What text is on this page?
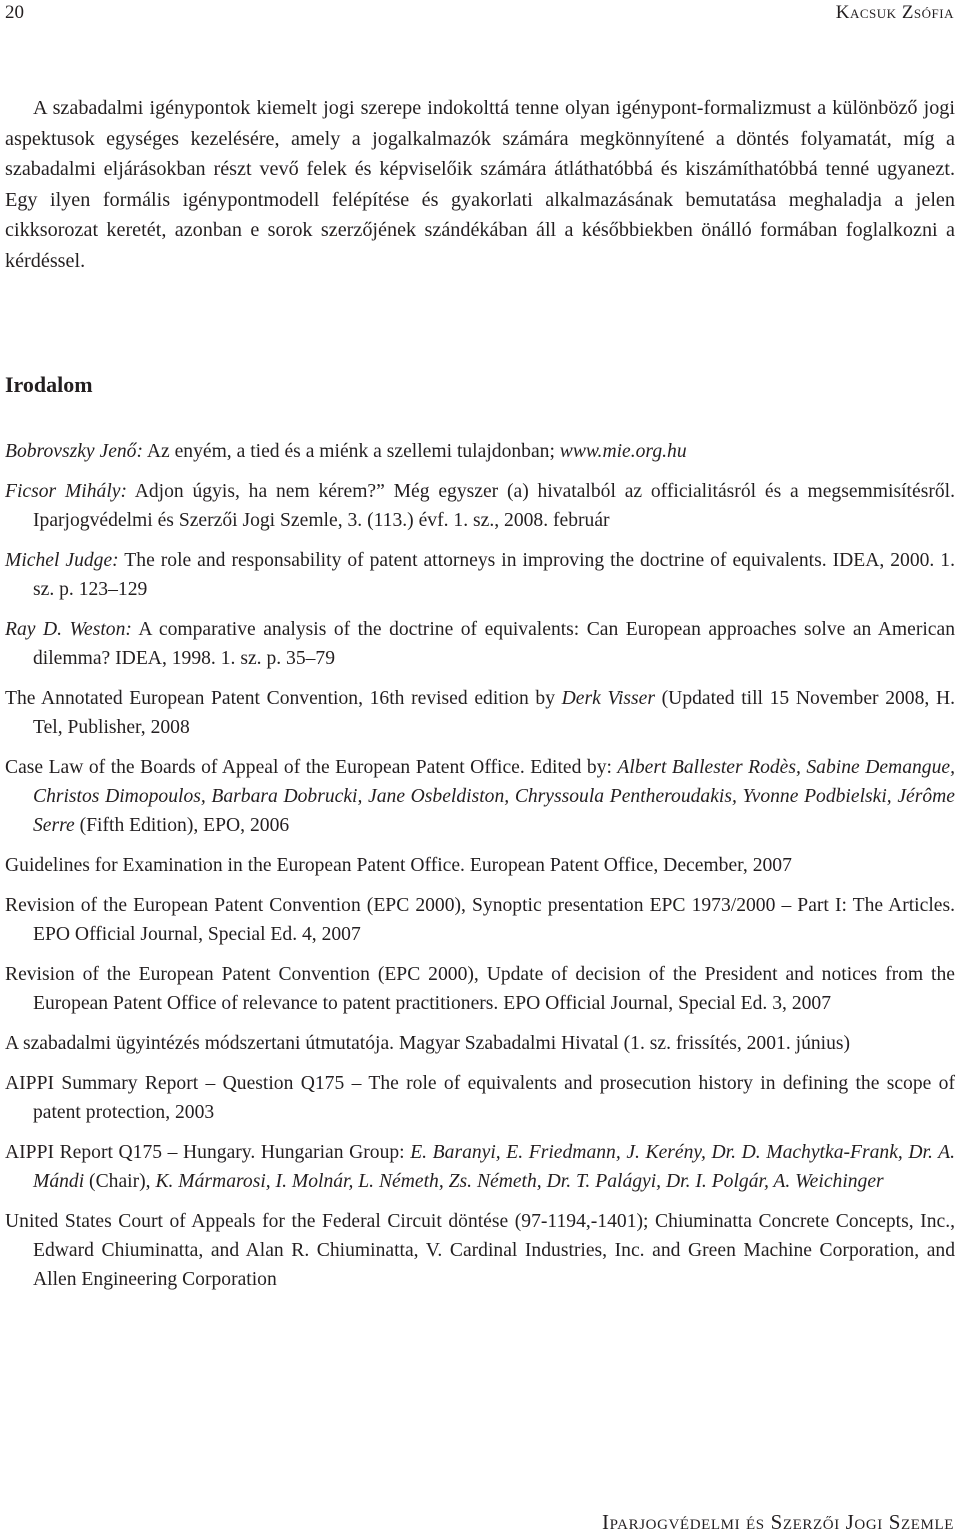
20	Kacsuk Zsófia

A szabadalmi igénypontok kiemelt jogi szerepe indokolttá tenne olyan igénypont-formalizmust a különböző jogi aspektusok egységes kezelésére, amely a jogalkalmazók számára megkönnyítené a döntés folyamatát, míg a szabadalmi eljárásokban részt vevő felek és képviselőik számára átláthatóbbá és kiszámíthatóbbá tenné ugyanezt. Egy ilyen formális igénypontmodell felépítése és gyakorlati alkalmazásának bemutatása meghaladja a jelen cikksorozat keretét, azonban e sorok szerzőjének szándékában áll a későbbiekben önálló formában foglalkozni a kérdéssel.

Irodalom

Bobrovszky Jenő: Az enyém, a tied és a miénk a szellemi tulajdonban; www.mie.org.hu

Ficsor Mihály: Adjon úgyis, ha nem kérem?” Még egyszer (a) hivatalból az officialitásról és a megsemmisítésről. Iparjogvédelmi és Szerzői Jogi Szemle, 3. (113.) évf. 1. sz., 2008. február

Michel Judge: The role and responsability of patent attorneys in improving the doctrine of equivalents. IDEA, 2000. 1. sz. p. 123–129

Ray D. Weston: A comparative analysis of the doctrine of equivalents: Can European approaches solve an American dilemma? IDEA, 1998. 1. sz. p. 35–79

The Annotated European Patent Convention, 16th revised edition by Derk Visser (Updated till 15 November 2008, H. Tel, Publisher, 2008

Case Law of the Boards of Appeal of the European Patent Office. Edited by: Albert Ballester Rodès, Sabine Demangue, Christos Dimopoulos, Barbara Dobrucki, Jane Osbeldiston, Chryssoula Pentheroudakis, Yvonne Podbielski, Jérôme Serre (Fifth Edition), EPO, 2006

Guidelines for Examination in the European Patent Office. European Patent Office, December, 2007

Revision of the European Patent Convention (EPC 2000), Synoptic presentation EPC 1973/2000 – Part I: The Articles. EPO Official Journal, Special Ed. 4, 2007

Revision of the European Patent Convention (EPC 2000), Update of decision of the President and notices from the European Patent Office of relevance to patent practitioners. EPO Official Journal, Special Ed. 3, 2007

A szabadalmi ügyintézés módszertani útmutatója. Magyar Szabadalmi Hivatal (1. sz. frissítés, 2001. június)

AIPPI Summary Report – Question Q175 – The role of equivalents and prosecution history in defining the scope of patent protection, 2003

AIPPI Report Q175 – Hungary. Hungarian Group: E. Baranyi, E. Friedmann, J. Kerény, Dr. D. Machytka-Frank, Dr. A. Mándi (Chair), K. Mármarosi, I. Molnár, L. Németh, Zs. Németh, Dr. T. Palágyi, Dr. I. Polgár, A. Weichinger

United States Court of Appeals for the Federal Circuit döntése (97-1194,-1401); Chiuminatta Concrete Concepts, Inc., Edward Chiuminatta, and Alan R. Chiuminatta, V. Cardinal Industries, Inc. and Green Machine Corporation, and Allen Engineering Corporation

Iparjogvédelmi és Szerzői Jogi Szemle
